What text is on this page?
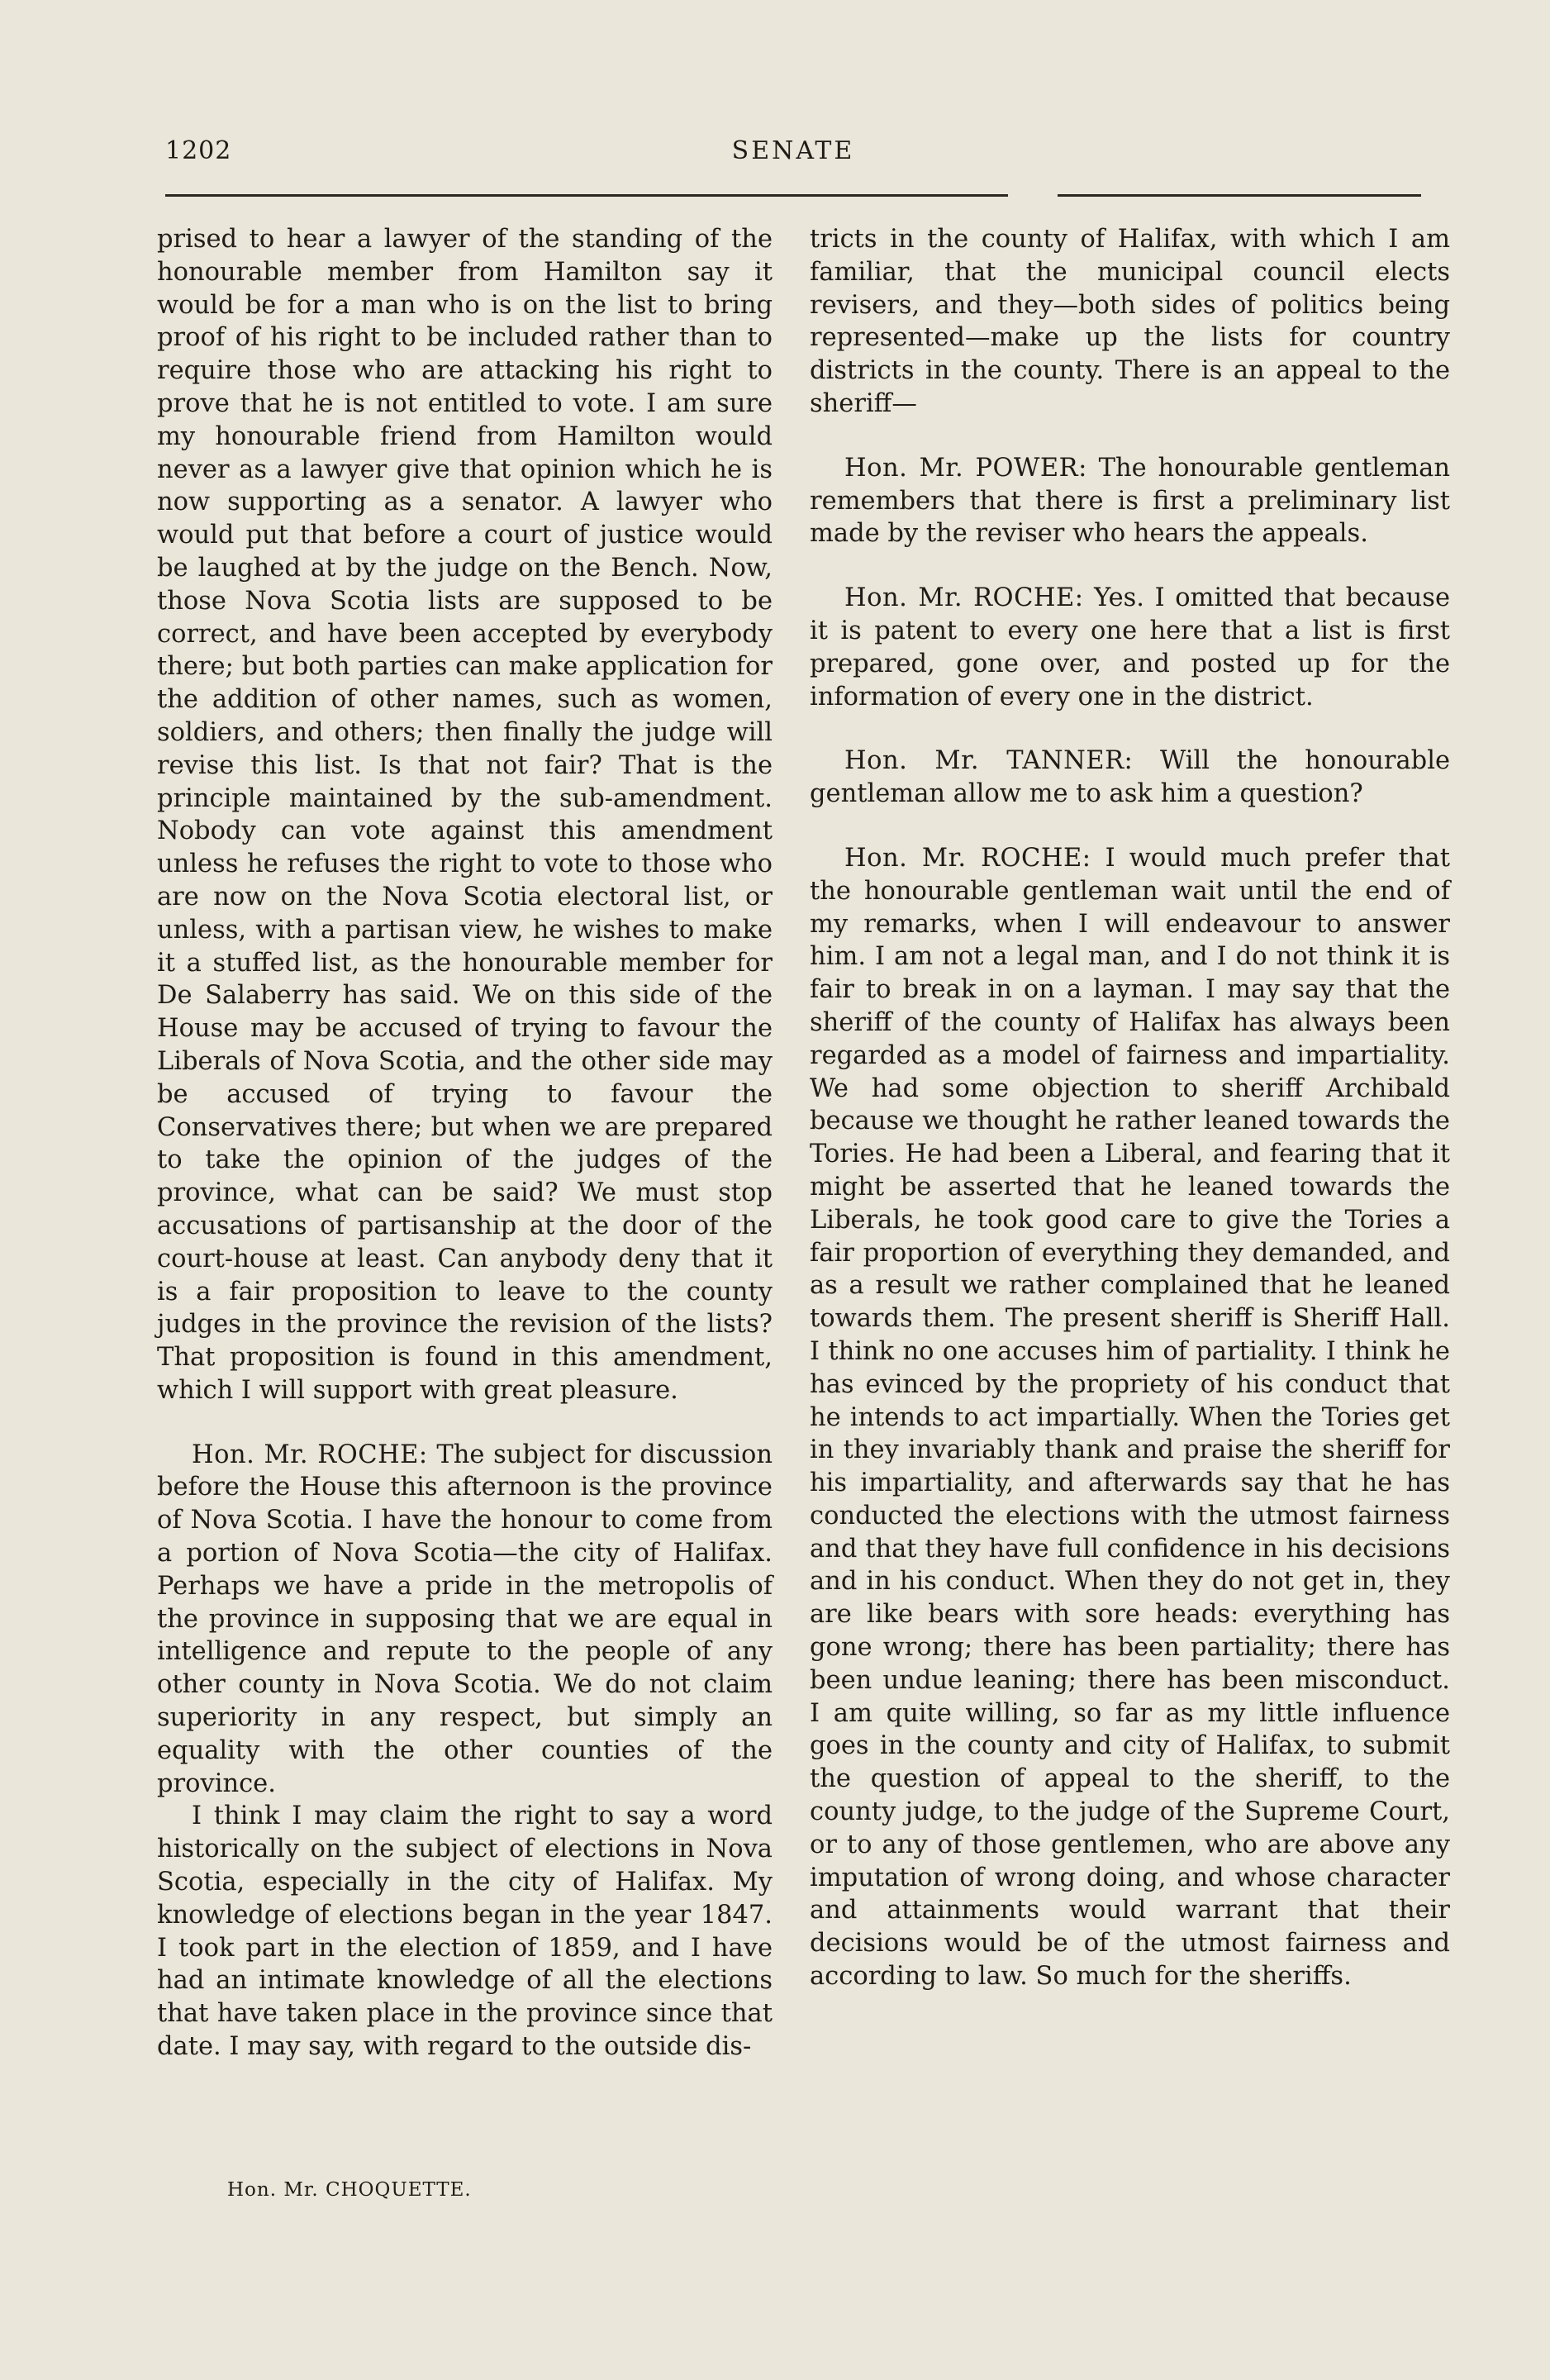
1202	SENATE

prised to hear a lawyer of the standing of the honourable member from Hamilton say it would be for a man who is on the list to bring proof of his right to be included rather than to require those who are attacking his right to prove that he is not entitled to vote. I am sure my honourable friend from Hamilton would never as a lawyer give that opinion which he is now supporting as a senator. A lawyer who would put that before a court of justice would be laughed at by the judge on the Bench. Now, those Nova Scotia lists are supposed to be correct, and have been accepted by everybody there; but both parties can make application for the addition of other names, such as women, soldiers, and others; then finally the judge will revise this list. Is that not fair? That is the principle maintained by the sub-amendment. Nobody can vote against this amendment unless he refuses the right to vote to those who are now on the Nova Scotia electoral list, or unless, with a partisan view, he wishes to make it a stuffed list, as the honourable member for De Salaberry has said. We on this side of the House may be accused of trying to favour the Liberals of Nova Scotia, and the other side may be accused of trying to favour the Conservatives there; but when we are prepared to take the opinion of the judges of the province, what can be said? We must stop accusations of partisanship at the door of the court-house at least. Can anybody deny that it is a fair proposition to leave to the county judges in the province the revision of the lists? That proposition is found in this amendment, which I will support with great pleasure.

Hon. Mr. ROCHE: The subject for discussion before the House this afternoon is the province of Nova Scotia. I have the honour to come from a portion of Nova Scotia—the city of Halifax. Perhaps we have a pride in the metropolis of the province in supposing that we are equal in intelligence and repute to the people of any other county in Nova Scotia. We do not claim superiority in any respect, but simply an equality with the other counties of the province.

I think I may claim the right to say a word historically on the subject of elections in Nova Scotia, especially in the city of Halifax. My knowledge of elections began in the year 1847. I took part in the election of 1859, and I have had an intimate knowledge of all the elections that have taken place in the province since that date. I may say, with regard to the outside dis-

Hon. Mr. CHOQUETTE.

tricts in the county of Halifax, with which I am familiar, that the municipal council elects revisers, and they—both sides of politics being represented—make up the lists for country districts in the county. There is an appeal to the sheriff—

Hon. Mr. POWER: The honourable gentleman remembers that there is first a preliminary list made by the reviser who hears the appeals.

Hon. Mr. ROCHE: Yes. I omitted that because it is patent to every one here that a list is first prepared, gone over, and posted up for the information of every one in the district.

Hon. Mr. TANNER: Will the honourable gentleman allow me to ask him a question?

Hon. Mr. ROCHE: I would much prefer that the honourable gentleman wait until the end of my remarks, when I will endeavour to answer him. I am not a legal man, and I do not think it is fair to break in on a layman. I may say that the sheriff of the county of Halifax has always been regarded as a model of fairness and impartiality. We had some objection to sheriff Archibald because we thought he rather leaned towards the Tories. He had been a Liberal, and fearing that it might be asserted that he leaned towards the Liberals, he took good care to give the Tories a fair proportion of everything they demanded, and as a result we rather complained that he leaned towards them. The present sheriff is Sheriff Hall. I think no one accuses him of partiality. I think he has evinced by the propriety of his conduct that he intends to act impartially. When the Tories get in they invariably thank and praise the sheriff for his impartiality, and afterwards say that he has conducted the elections with the utmost fairness and that they have full confidence in his decisions and in his conduct. When they do not get in, they are like bears with sore heads: everything has gone wrong; there has been partiality; there has been undue leaning; there has been misconduct. I am quite willing, so far as my little influence goes in the county and city of Halifax, to submit the question of appeal to the sheriff, to the county judge, to the judge of the Supreme Court, or to any of those gentlemen, who are above any imputation of wrong doing, and whose character and attainments would warrant that their decisions would be of the utmost fairness and according to law. So much for the sheriffs.
